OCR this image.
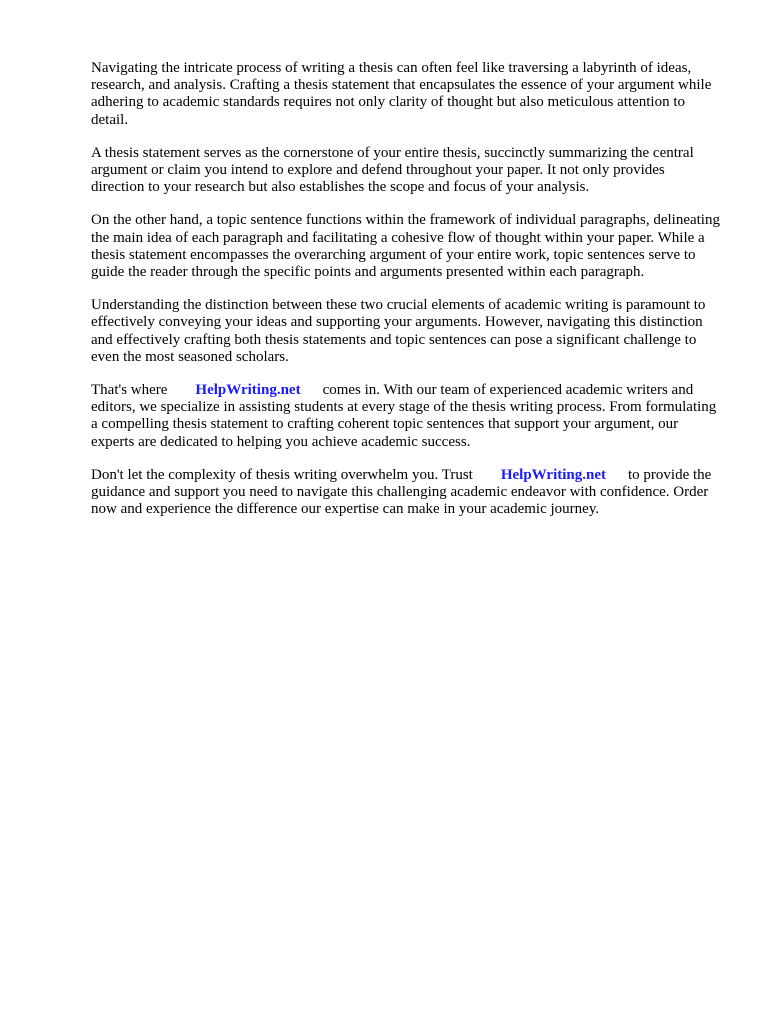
Navigating the intricate process of writing a thesis can often feel like traversing a labyrinth of ideas, research, and analysis. Crafting a thesis statement that encapsulates the essence of your argument while adhering to academic standards requires not only clarity of thought but also meticulous attention to detail.

A thesis statement serves as the cornerstone of your entire thesis, succinctly summarizing the central argument or claim you intend to explore and defend throughout your paper. It not only provides direction to your research but also establishes the scope and focus of your analysis.

On the other hand, a topic sentence functions within the framework of individual paragraphs, delineating the main idea of each paragraph and facilitating a cohesive flow of thought within your paper. While a thesis statement encompasses the overarching argument of your entire work, topic sentences serve to guide the reader through the specific points and arguments presented within each paragraph.

Understanding the distinction between these two crucial elements of academic writing is paramount to effectively conveying your ideas and supporting your arguments. However, navigating this distinction and effectively crafting both thesis statements and topic sentences can pose a significant challenge to even the most seasoned scholars.

That's where HelpWriting.net comes in. With our team of experienced academic writers and editors, we specialize in assisting students at every stage of the thesis writing process. From formulating a compelling thesis statement to crafting coherent topic sentences that support your argument, our experts are dedicated to helping you achieve academic success.

Don't let the complexity of thesis writing overwhelm you. Trust HelpWriting.net to provide the guidance and support you need to navigate this challenging academic endeavor with confidence. Order now and experience the difference our expertise can make in your academic journey.
